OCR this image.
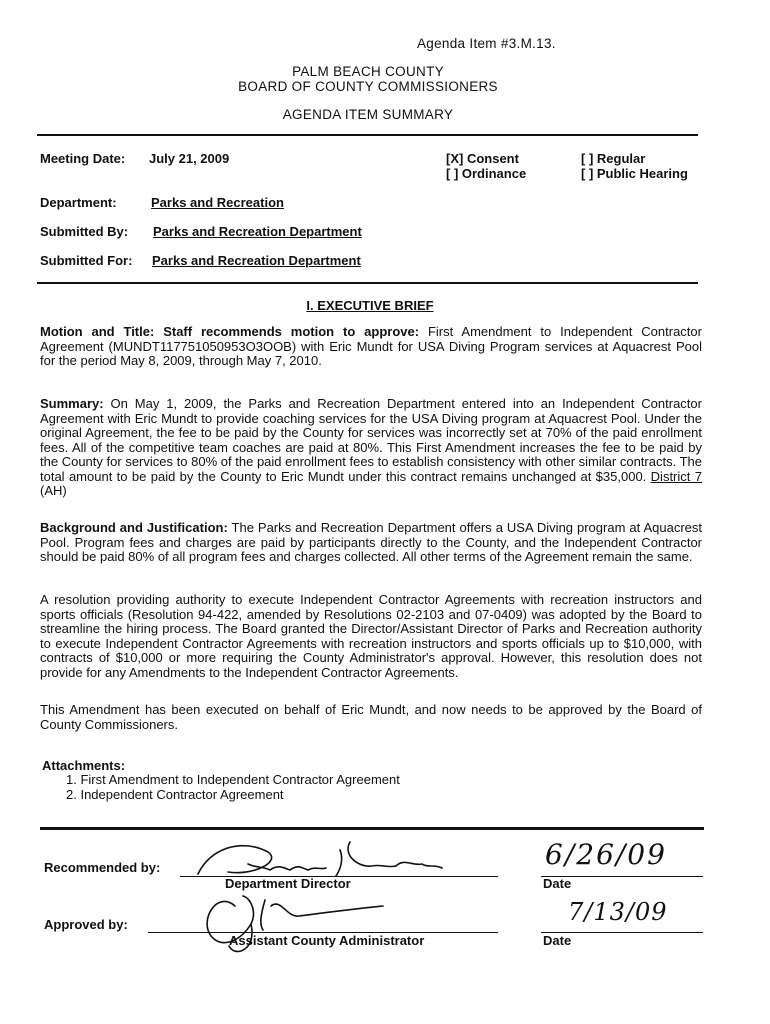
Agenda Item #3.M.13.
PALM BEACH COUNTY
BOARD OF COUNTY COMMISSIONERS
AGENDA ITEM SUMMARY
Meeting Date: July 21, 2009	[X] Consent
[ ] Ordinance
[ ] Regular
[ ] Public Hearing
Department:	Parks and Recreation
Submitted By: Parks and Recreation Department
Submitted For: Parks and Recreation Department
I. EXECUTIVE BRIEF

Motion and Title: Staff recommends motion to approve: First Amendment to Independent Contractor Agreement (MUNDT117751050953O3OOB) with Eric Mundt for USA Diving Program services at Aquacrest Pool for the period May 8, 2009, through May 7, 2010.

Summary: On May 1, 2009, the Parks and Recreation Department entered into an Independent Contractor Agreement with Eric Mundt to provide coaching services for the USA Diving program at Aquacrest Pool. Under the original Agreement, the fee to be paid by the County for services was incorrectly set at 70% of the paid enrollment fees. All of the competitive team coaches are paid at 80%. This First Amendment increases the fee to be paid by the County for services to 80% of the paid enrollment fees to establish consistency with other similar contracts. The total amount to be paid by the County to Eric Mundt under this contract remains unchanged at $35,000. District 7 (AH)

Background and Justification: The Parks and Recreation Department offers a USA Diving program at Aquacrest Pool. Program fees and charges are paid by participants directly to the County, and the Independent Contractor should be paid 80% of all program fees and charges collected. All other terms of the Agreement remain the same.

A resolution providing authority to execute Independent Contractor Agreements with recreation instructors and sports officials (Resolution 94-422, amended by Resolutions 02-2103 and 07-0409) was adopted by the Board to streamline the hiring process. The Board granted the Director/Assistant Director of Parks and Recreation authority to execute Independent Contractor Agreements with recreation instructors and sports officials up to $10,000, with contracts of $10,000 or more requiring the County Administrator's approval. However, this resolution does not provide for any Amendments to the Independent Contractor Agreements.

This Amendment has been executed on behalf of Eric Mundt, and now needs to be approved by the Board of County Commissioners.

Attachments:
1. First Amendment to Independent Contractor Agreement
2. Independent Contractor Agreement
Recommended by:
Department Director
6/26/09
Date
Approved by:
Assistant County Administrator
7/13/09
Date
